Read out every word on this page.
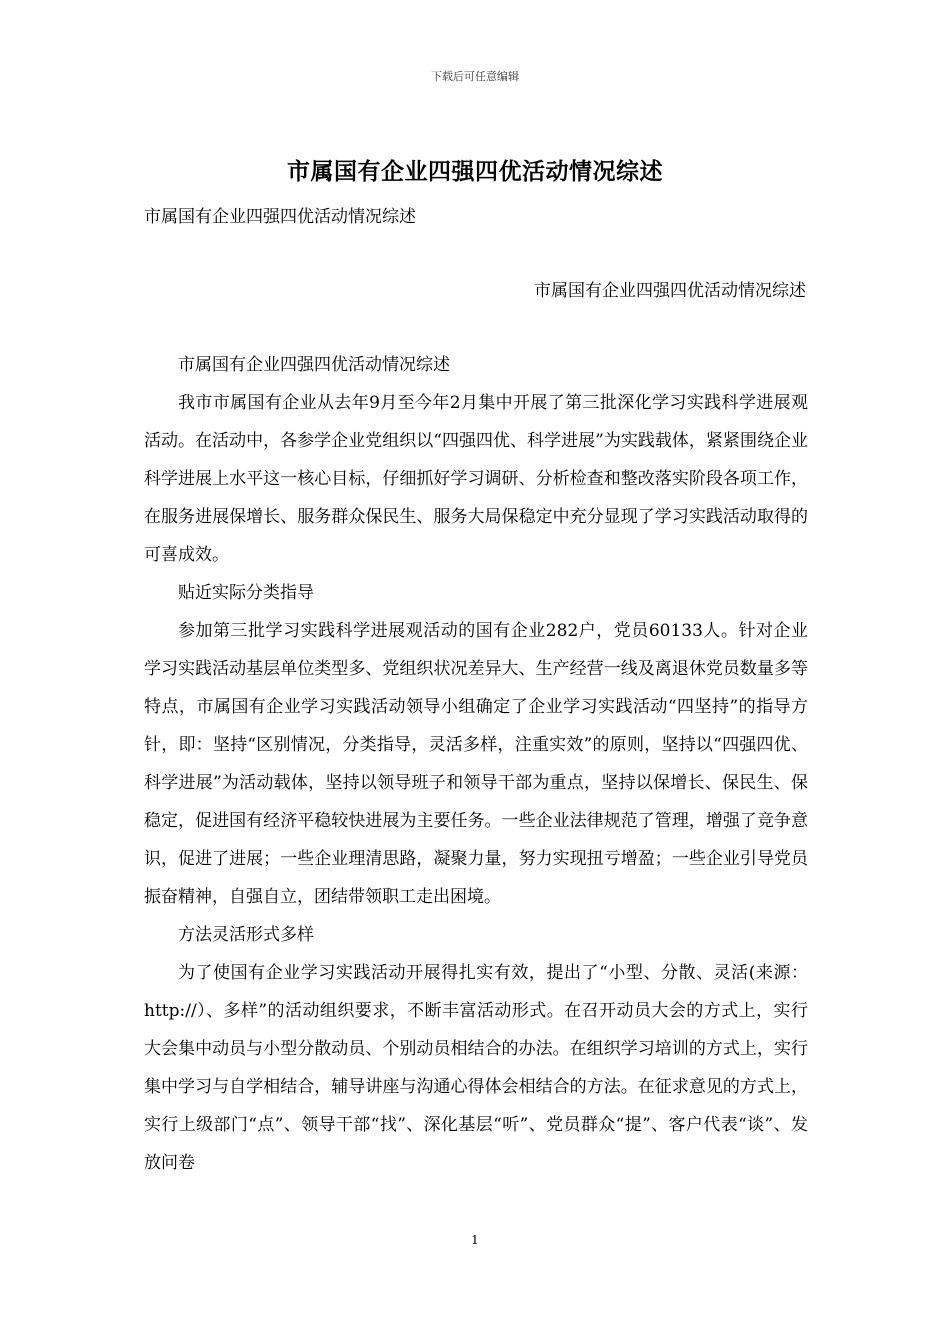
下载后可任意编辑
市属国有企业四强四优活动情况综述
市属国有企业四强四优活动情况综述
市属国有企业四强四优活动情况综述

市属国有企业四强四优活动情况综述

我市市属国有企业从去年9月至今年2月集中开展了第三批深化学习实践科学进展观活动。在活动中，各参学企业党组织以“四强四优、科学进展”为实践载体，紧紧围绕企业科学进展上水平这一核心目标，仔细抓好学习调研、分析检查和整改落实阶段各项工作，在服务进展保增长、服务群众保民生、服务大局保稳定中充分显现了学习实践活动取得的可喜成效。

贴近实际分类指导

参加第三批学习实践科学进展观活动的国有企业282户，党员60133人。针对企业学习实践活动基层单位类型多、党组织状况差异大、生产经营一线及离退休党员数量多等特点，市属国有企业学习实践活动领导小组确定了企业学习实践活动“四坚持”的指导方针，即：坚持“区别情况，分类指导，灵活多样，注重实效”的原则，坚持以“四强四优、科学进展”为活动载体，坚持以领导班子和领导干部为重点，坚持以保增长、保民生、保稳定，促进国有经济平稳较快进展为主要任务。一些企业法律规范了管理，增强了竞争意识，促进了进展；一些企业理清思路，凝聚力量，努力实现扭亏增盈；一些企业引导党员振奋精神，自强自立，团结带领职工走出困境。

方法灵活形式多样

为了使国有企业学习实践活动开展得扎实有效，提出了“小型、分散、灵活(来源：http://）、多样”的活动组织要求，不断丰富活动形式。在召开动员大会的方式上，实行大会集中动员与小型分散动员、个别动员相结合的办法。在组织学习培训的方式上，实行集中学习与自学相结合，辅导讲座与沟通心得体会相结合的方法。在征求意见的方式上，实行上级部门“点”、领导干部“找”、深化基层“听”、党员群众“提”、客户代表“谈”、发放问卷

1
